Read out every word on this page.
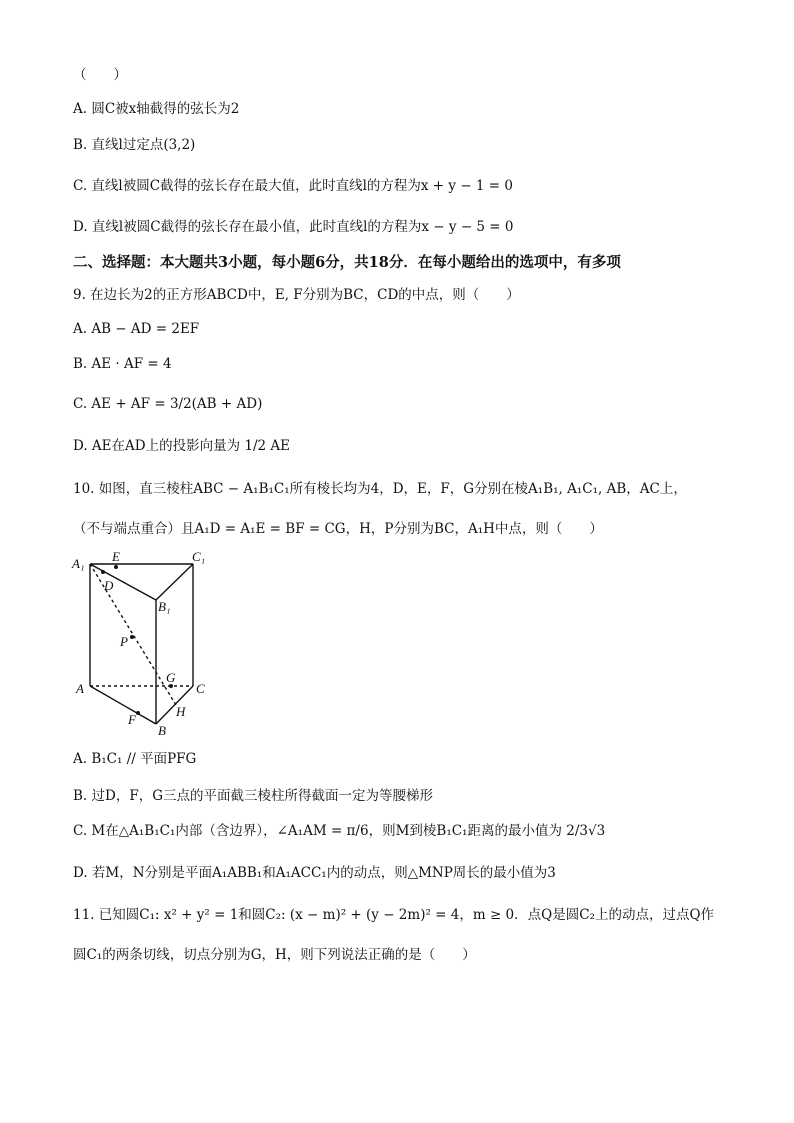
（　　）
A. 圆C被x轴截得的弦长为2
B. 直线l过定点(3,2)
C. 直线l被圆C截得的弦长存在最大值，此时直线l的方程为x + y − 1 = 0
D. 直线l被圆C截得的弦长存在最小值，此时直线l的方程为x − y − 5 = 0
二、选择题：本大题共3小题，每小题6分，共18分．在每小题给出的选项中，有多项
9. 在边长为2的正方形ABCD中，E, F分别为BC，CD的中点，则（　　）
A. AB − AD = 2EF
B. AE · AF = 4
C. AE + AF = 3/2(AB + AD)
D. AE在AD上的投影向量为 1/2 AE
10. 如图，直三棱柱ABC − A₁B₁C₁所有棱长均为4，D，E，F，G分别在棱A₁B₁, A₁C₁, AB，AC上，
（不与端点重合）且A₁D = A₁E = BF = CG，H，P分别为BC，A₁H中点，则（　　）
A₁ E	C₁
D
B₁
P
G
A	C
H
F
B
A. B₁C₁ // 平面PFG
B. 过D，F，G三点的平面截三棱柱所得截面一定为等腰梯形
C. M在△A₁B₁C₁内部（含边界），∠A₁AM = π/6，则M到棱B₁C₁距离的最小值为 2/3√3
D. 若M，N分别是平面A₁ABB₁和A₁ACC₁内的动点，则△MNP周长的最小值为3
11. 已知圆C₁: x² + y² = 1和圆C₂: (x − m)² + (y − 2m)² = 4，m ≥ 0．点Q是圆C₂上的动点，过点Q作
圆C₁的两条切线，切点分别为G，H，则下列说法正确的是（　　）
